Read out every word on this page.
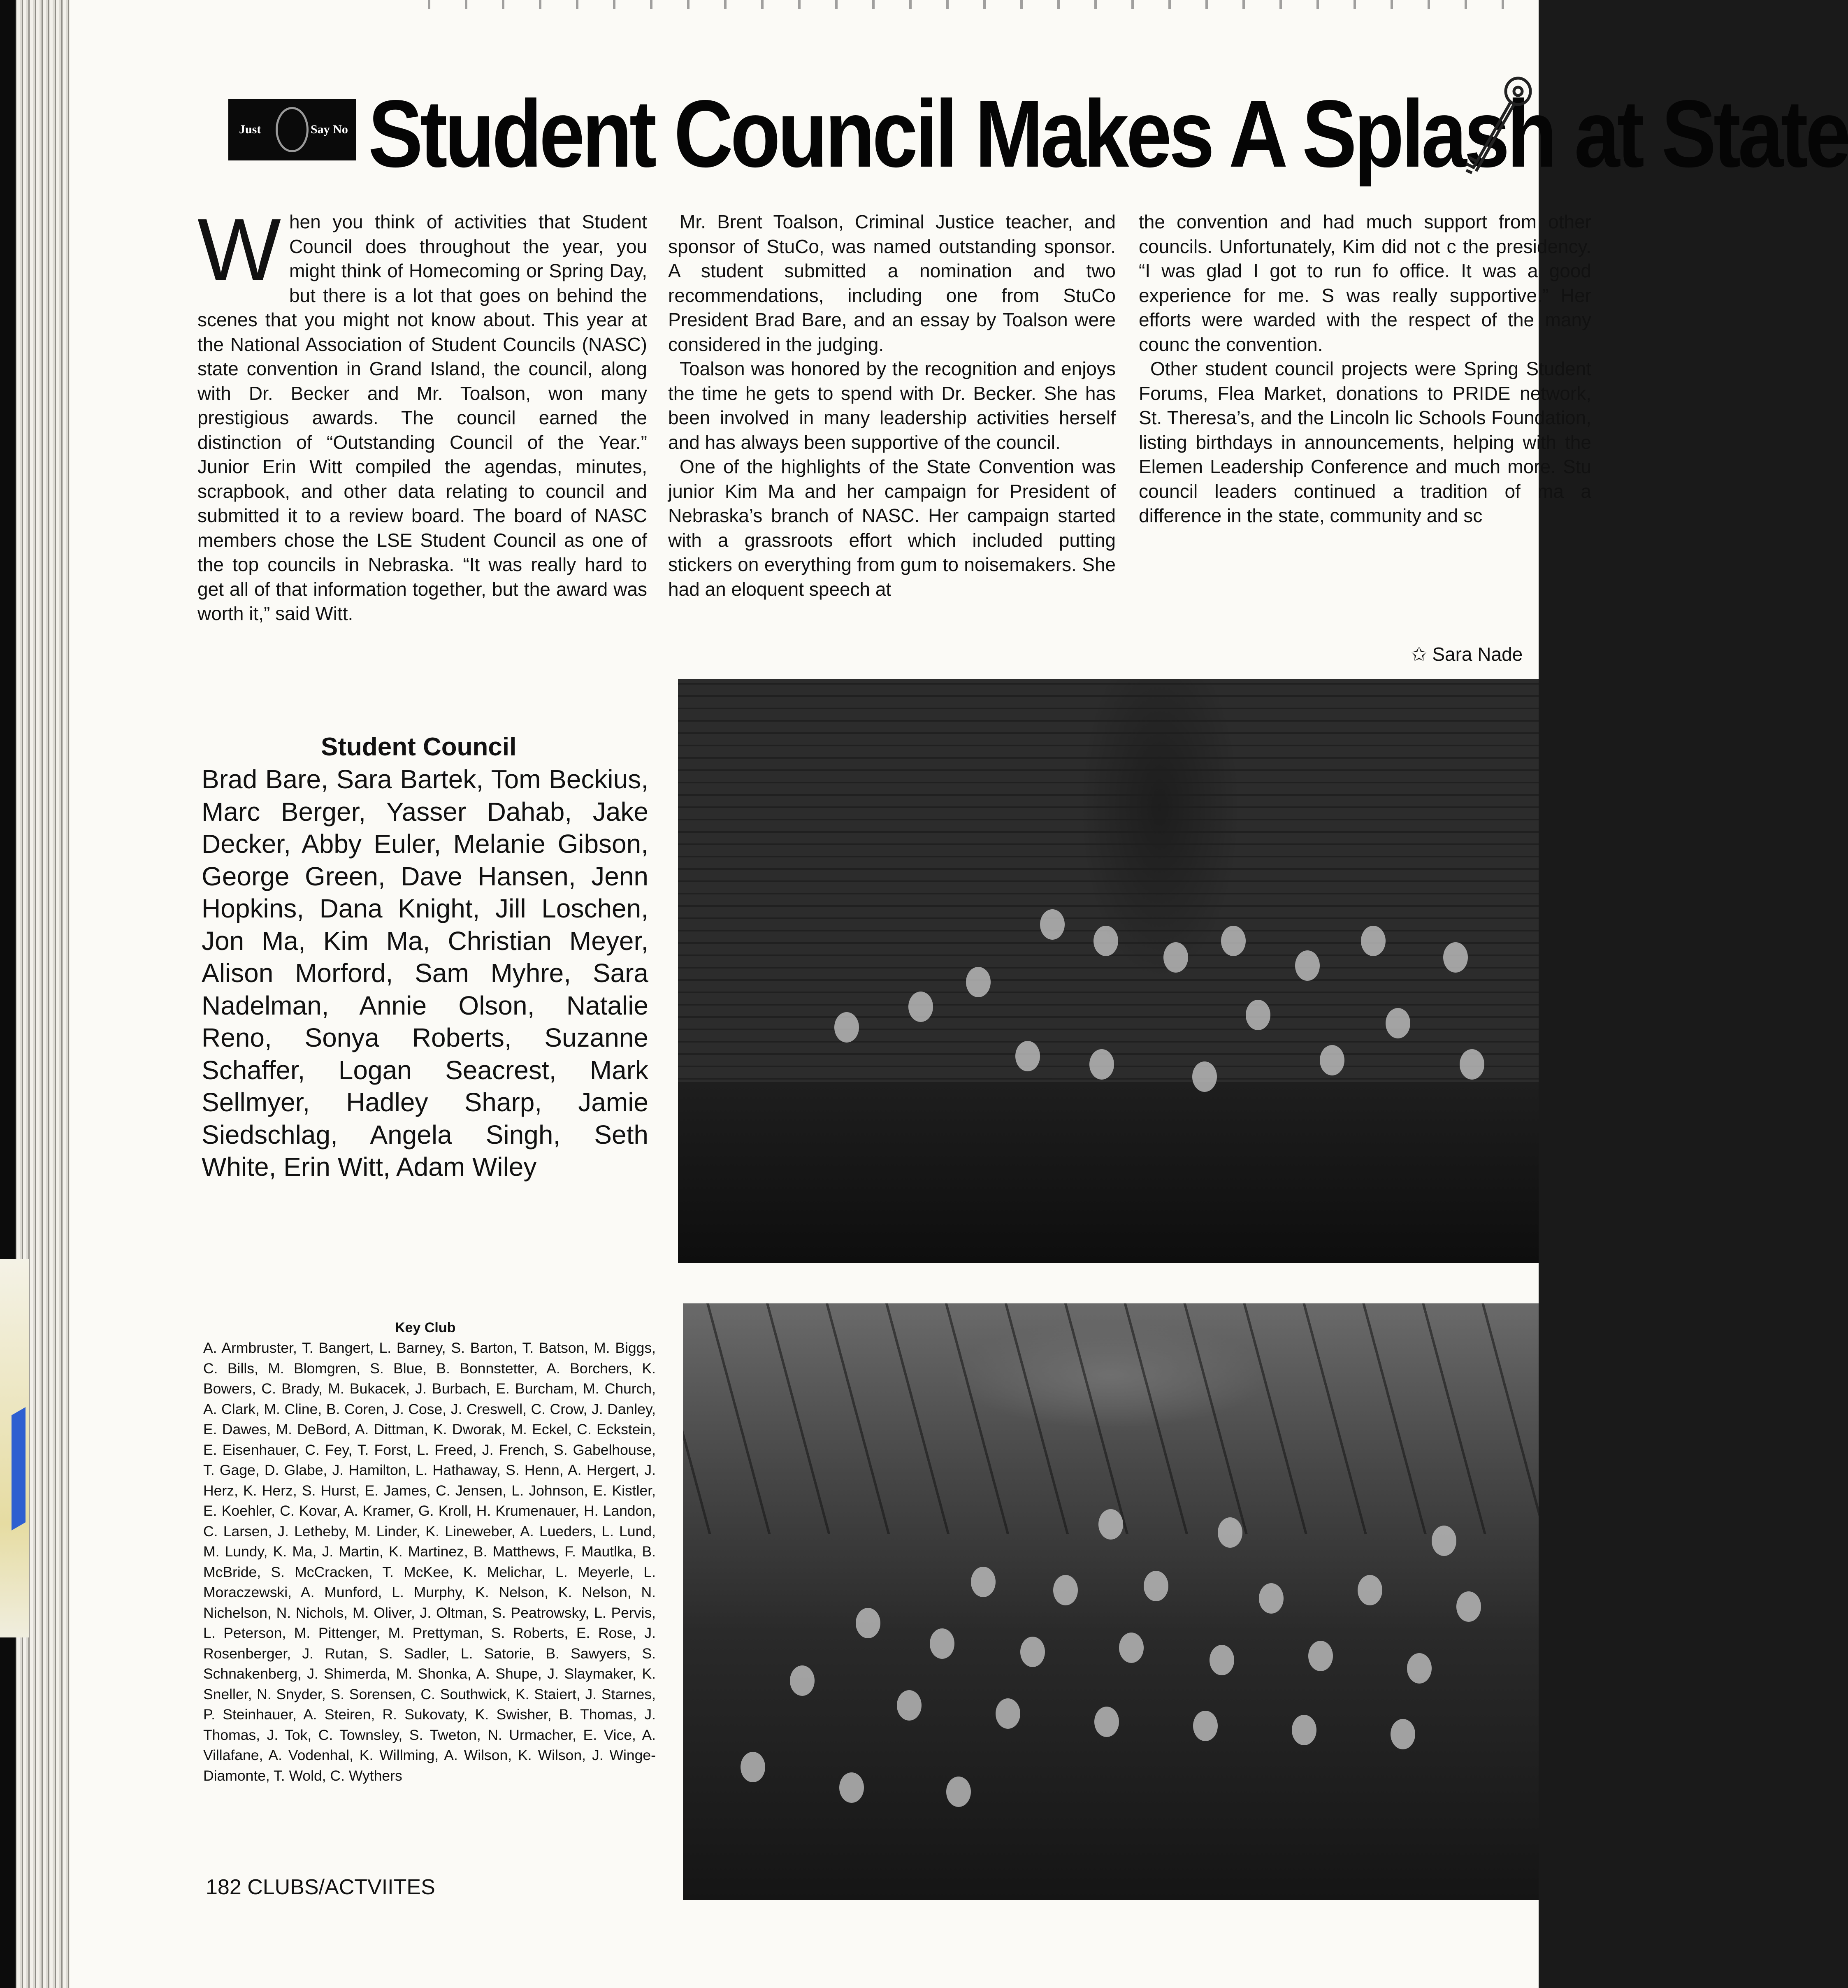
Just	Say No Student Council Makes A Splash at State
W hen you think of activities that Student Council does throughout the year, you might think of Homecoming or Spring Day, but there is a lot that goes on behind the scenes that you might not know about. This year at the National Association of Student Councils (NASC) state convention in Grand Island, the council, along with Dr. Becker and Mr. Toalson, won many prestigious awards. The council earned the distinction of “Outstanding Council of the Year.” Junior Erin Witt compiled the agendas, minutes, scrapbook, and other data relating to council and submitted it to a review board. The board of NASC members chose the LSE Student Council as one of the top councils in Nebraska. “It was really hard to get all of that information together, but the award was worth it,” said Witt.

Mr. Brent Toalson, Criminal Justice teacher, and sponsor of StuCo, was named outstanding sponsor. A student submitted a nomination and two recommendations, including one from StuCo President Brad Bare, and an essay by Toalson were considered in the judging.

Toalson was honored by the recognition and enjoys the time he gets to spend with Dr. Becker. She has been involved in many leadership activities herself and has always been supportive of the council.

One of the highlights of the State Convention was junior Kim Ma and her campaign for President of Nebraska’s branch of NASC. Her campaign started with a grassroots effort which included putting stickers on everything from gum to noisemakers. She had an eloquent speech at

the convention and had much support from other councils. Unfortunately, Kim did not c the presidency. “I was glad I got to run fo office. It was a good experience for me. S was really supportive.” Her efforts were warded with the respect of the many counc the convention.

Other student council projects were Spring Student Forums, Flea Market, donations to PRIDE network, St. Theresa’s, and the Lincoln lic Schools Foundation, listing birthdays in announcements, helping with the Elemen Leadership Conference and much more. Stu council leaders continued a tradition of ma a difference in the state, community and sc

✩ Sara Nade
Student Council

Brad Bare, Sara Bartek, Tom Beckius, Marc Berger, Yasser Dahab, Jake Decker, Abby Euler, Melanie Gibson, George Green, Dave Hansen, Jenn Hopkins, Dana Knight, Jill Loschen, Jon Ma, Kim Ma, Christian Meyer, Alison Morford, Sam Myhre, Sara Nadelman, Annie Olson, Natalie Reno, Sonya Roberts, Suzanne Schaffer, Logan Seacrest, Mark Sellmyer, Hadley Sharp, Jamie Siedschlag, Angela Singh, Seth White, Erin Witt, Adam Wiley

Key Club

A. Armbruster, T. Bangert, L. Barney, S. Barton, T. Batson, M. Biggs, C. Bills, M. Blomgren, S. Blue, B. Bonnstetter, A. Borchers, K. Bowers, C. Brady, M. Bukacek, J. Burbach, E. Burcham, M. Church, A. Clark, M. Cline, B. Coren, J. Cose, J. Creswell, C. Crow, J. Danley, E. Dawes, M. DeBord, A. Dittman, K. Dworak, M. Eckel, C. Eckstein, E. Eisenhauer, C. Fey, T. Forst, L. Freed, J. French, S. Gabelhouse, T. Gage, D. Glabe, J. Hamilton, L. Hathaway, S. Henn, A. Hergert, J. Herz, K. Herz, S. Hurst, E. James, C. Jensen, L. Johnson, E. Kistler, E. Koehler, C. Kovar, A. Kramer, G. Kroll, H. Krumenauer, H. Landon, C. Larsen, J. Letheby, M. Linder, K. Lineweber, A. Lueders, L. Lund, M. Lundy, K. Ma, J. Martin, K. Martinez, B. Matthews, F. Mautlka, B. McBride, S. McCracken, T. McKee, K. Melichar, L. Meyerle, L. Moraczewski, A. Munford, L. Murphy, K. Nelson, K. Nelson, N. Nichelson, N. Nichols, M. Oliver, J. Oltman, S. Peatrowsky, L. Pervis, L. Peterson, M. Pittenger, M. Prettyman, S. Roberts, E. Rose, J. Rosenberger, J. Rutan, S. Sadler, L. Satorie, B. Sawyers, S. Schnakenberg, J. Shimerda, M. Shonka, A. Shupe, J. Slaymaker, K. Sneller, N. Snyder, S. Sorensen, C. Southwick, K. Staiert, J. Starnes, P. Steinhauer, A. Steiren, R. Sukovaty, K. Swisher, B. Thomas, J. Thomas, J. Tok, C. Townsley, S. Tweton, N. Urmacher, E. Vice, A. Villafane, A. Vodenhal, K. Willming, A. Wilson, K. Wilson, J. Winge-Diamonte, T. Wold, C. Wythers

182 CLUBS/ACTVIITES
